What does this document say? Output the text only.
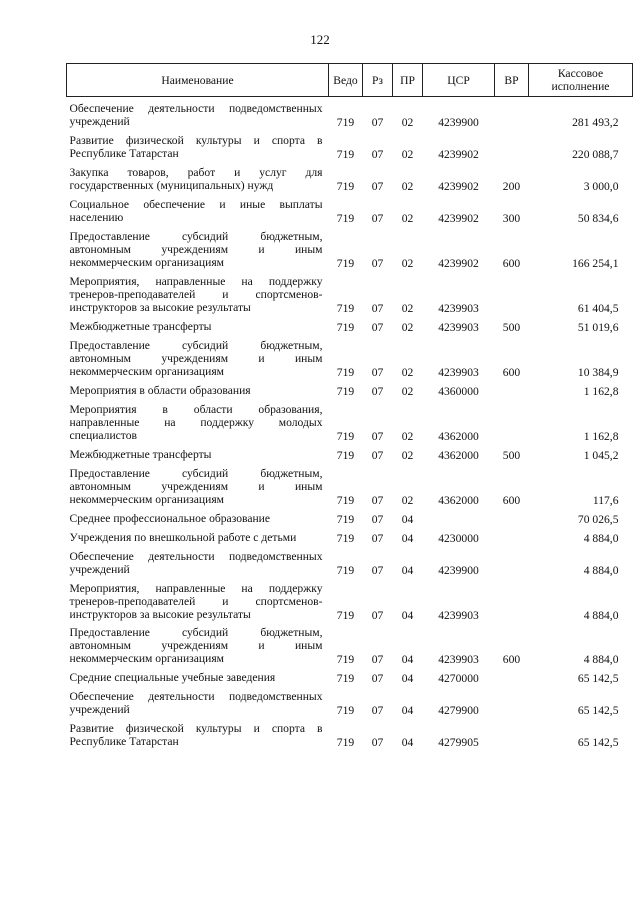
122
Наименование	Ведо	Рз	ПР	ЦСР	ВР	Кассовое исполнение
Обеспечение деятельности подведомственных учреждений	719	07	02	4239900		281 493,2
Развитие физической культуры и спорта в Республике Татарстан	719	07	02	4239902		220 088,7
Закупка товаров, работ и услуг для государственных (муниципальных) нужд	719	07	02	4239902	200	3 000,0
Социальное обеспечение и иные выплаты населению	719	07	02	4239902	300	50 834,6
Предоставление субсидий бюджетным, автономным учреждениям и иным некоммерческим организациям	719	07	02	4239902	600	166 254,1
Мероприятия, направленные на поддержку тренеров-преподавателей и спортсменов-инструкторов за высокие результаты	719	07	02	4239903		61 404,5
Межбюджетные трансферты	719	07	02	4239903	500	51 019,6
Предоставление субсидий бюджетным, автономным учреждениям и иным некоммерческим организациям	719	07	02	4239903	600	10 384,9
Мероприятия в области образования	719	07	02	4360000		1 162,8
Мероприятия в области образования, направленные на поддержку молодых специалистов	719	07	02	4362000		1 162,8
Межбюджетные трансферты	719	07	02	4362000	500	1 045,2
Предоставление субсидий бюджетным, автономным учреждениям и иным некоммерческим организациям	719	07	02	4362000	600	117,6
Среднее профессиональное образование	719	07	04			70 026,5
Учреждения по внешкольной работе с детьми	719	07	04	4230000		4 884,0
Обеспечение деятельности подведомственных учреждений	719	07	04	4239900		4 884,0
Мероприятия, направленные на поддержку тренеров-преподавателей и спортсменов-инструкторов за высокие результаты	719	07	04	4239903		4 884,0
Предоставление субсидий бюджетным, автономным учреждениям и иным некоммерческим организациям	719	07	04	4239903	600	4 884,0
Средние специальные учебные заведения	719	07	04	4270000		65 142,5
Обеспечение деятельности подведомственных учреждений	719	07	04	4279900		65 142,5
Развитие физической культуры и спорта в Республике Татарстан	719	07	04	4279905		65 142,5
